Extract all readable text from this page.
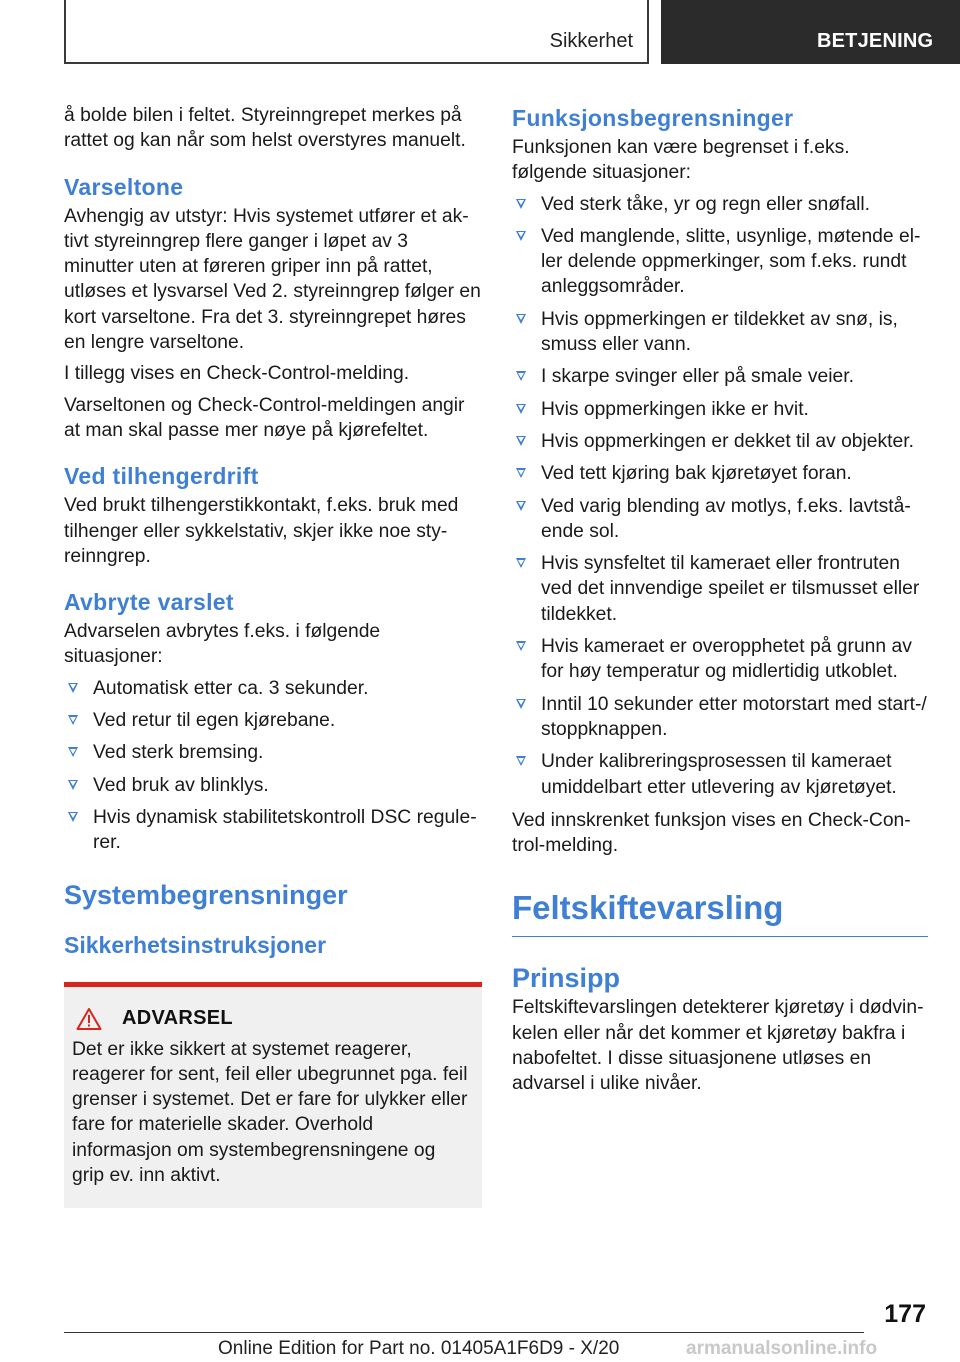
Sikkerhet	BETJENING

å bolde bilen i feltet. Styreinngrepet merkes på rattet og kan når som helst overstyres manuelt.

Varseltone

Avhengig av utstyr: Hvis systemet utfører et aktivt styreinngrep flere ganger i løpet av 3 minutter uten at føreren griper inn på rattet, utløses et lysvarsel Ved 2. styreinngrep følger en kort varseltone. Fra det 3. styreinngrepet høres en lengre varseltone.

I tillegg vises en Check-Control-melding.

Varseltonen og Check-Control-meldingen angir at man skal passe mer nøye på kjørefeltet.

Ved tilhengerdrift

Ved brukt tilhengerstikkontakt, f.eks. bruk med tilhenger eller sykkelstativ, skjer ikke noe styreinngrep.

Avbryte varslet

Advarselen avbrytes f.eks. i følgende situasjoner:

Automatisk etter ca. 3 sekunder.
Ved retur til egen kjørebane.
Ved sterk bremsing.
Ved bruk av blinklys.
Hvis dynamisk stabilitetskontroll DSC regulerer.
Systembegrensninger
Sikkerhetsinstruksjoner
ADVARSEL

Det er ikke sikkert at systemet reagerer, reagerer for sent, feil eller ubegrunnet pga. feil grenser i systemet. Det er fare for ulykker eller fare for materielle skader. Overhold informasjon om systembegrensningene og grip ev. inn aktivt.

Funksjonsbegrensninger

Funksjonen kan være begrenset i f.eks. følgende situasjoner:

Ved sterk tåke, yr og regn eller snøfall.
Ved manglende, slitte, usynlige, møtende eller delende oppmerkinger, som f.eks. rundt anleggsområder.
Hvis oppmerkingen er tildekket av snø, is, smuss eller vann.
I skarpe svinger eller på smale veier.
Hvis oppmerkingen ikke er hvit.
Hvis oppmerkingen er dekket til av objekter.
Ved tett kjøring bak kjøretøyet foran.
Ved varig blending av motlys, f.eks. lavtstående sol.
Hvis synsfeltet til kameraet eller frontruten ved det innvendige speilet er tilsmusset eller tildekket.
Hvis kameraet er overopphetet på grunn av for høy temperatur og midlertidig utkoblet.
Inntil 10 sekunder etter motorstart med start-/ stoppknappen.
Under kalibreringsprosessen til kameraet umiddelbart etter utlevering av kjøretøyet.

Ved innskrenket funksjon vises en Check-Control-melding.

Feltskiftevarsling
Prinsipp

Feltskiftevarslingen detekterer kjøretøy i dødvinkelen eller når det kommer et kjøretøy bakfra i nabofeltet. I disse situasjonene utløses en advarsel i ulike nivåer.

177
Online Edition for Part no. 01405A1F6D9 - X/20	armanualsonline.info
